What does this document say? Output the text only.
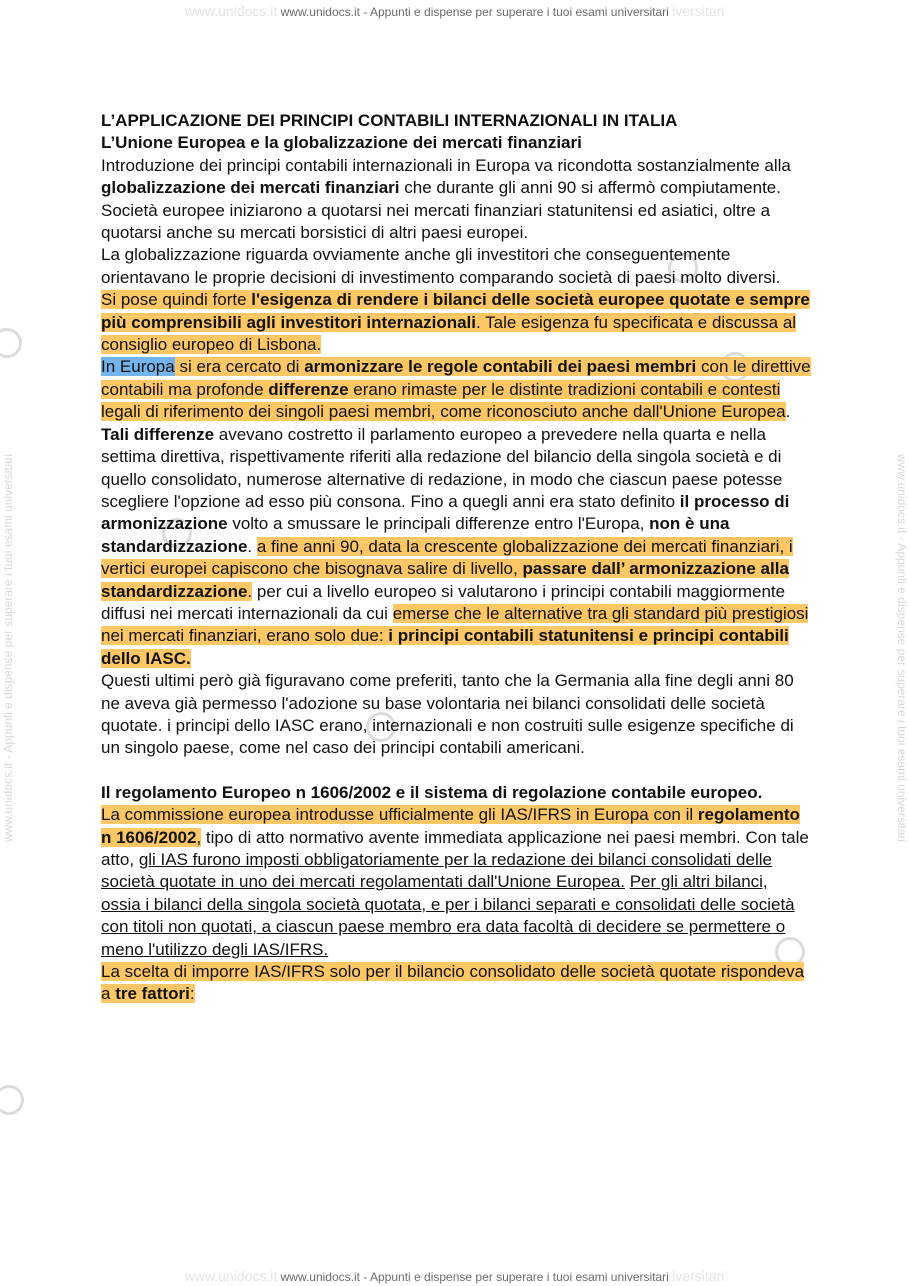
www.unidocs.it www.unidocs.it - Appunti e dispense per superare i tuoi esami universitari iversitari
www.unidocs.it - Appunti e dispense per superare i tuoi esami universitari	www.unidocs.it - Appunti e dispense per superare i tuoi esami universitari

L’APPLICAZIONE DEI PRINCIPI CONTABILI INTERNAZIONALI IN ITALIA

L’Unione Europea e la globalizzazione dei mercati finanziari

Introduzione dei principi contabili internazionali in Europa va ricondotta sostanzialmente alla globalizzazione dei mercati finanziari che durante gli anni 90 si affermò compiutamente.

Società europee iniziarono a quotarsi nei mercati finanziari statunitensi ed asiatici, oltre a quotarsi anche su mercati borsistici di altri paesi europei.

La globalizzazione riguarda ovviamente anche gli investitori che conseguentemente orientavano le proprie decisioni di investimento comparando società di paesi molto diversi.

Si pose quindi forte l'esigenza di rendere i bilanci delle società europee quotate e sempre più comprensibili agli investitori internazionali. Tale esigenza fu specificata e discussa al consiglio europeo di Lisbona.

In Europa si era cercato di armonizzare le regole contabili dei paesi membri con le direttive contabili ma profonde differenze erano rimaste per le distinte tradizioni contabili e contesti legali di riferimento dei singoli paesi membri, come riconosciuto anche dall'Unione Europea. Tali differenze avevano costretto il parlamento europeo a prevedere nella quarta e nella settima direttiva, rispettivamente riferiti alla redazione del bilancio della singola società e di quello consolidato, numerose alternative di redazione, in modo che ciascun paese potesse scegliere l'opzione ad esso più consona. Fino a quegli anni era stato definito il processo di armonizzazione volto a smussare le principali differenze entro l'Europa, non è una standardizzazione. a fine anni 90, data la crescente globalizzazione dei mercati finanziari, i vertici europei capiscono che bisognava salire di livello, passare dall’ armonizzazione alla standardizzazione. per cui a livello europeo si valutarono i principi contabili maggiormente diffusi nei mercati internazionali da cui emerse che le alternative tra gli standard più prestigiosi nei mercati finanziari, erano solo due: i principi contabili statunitensi e principi contabili dello IASC.

Questi ultimi però già figuravano come preferiti, tanto che la Germania alla fine degli anni 80 ne aveva già permesso l'adozione su base volontaria nei bilanci consolidati delle società quotate. i principi dello IASC erano, internazionali e non costruiti sulle esigenze specifiche di un singolo paese, come nel caso dei principi contabili americani.

Il regolamento Europeo n 1606/2002 e il sistema di regolazione contabile europeo.

La commissione europea introdusse ufficialmente gli IAS/IFRS in Europa con il regolamento n 1606/2002, tipo di atto normativo avente immediata applicazione nei paesi membri. Con tale atto, gli IAS furono imposti obbligatoriamente per la redazione dei bilanci consolidati delle società quotate in uno dei mercati regolamentati dall'Unione Europea. Per gli altri bilanci, ossia i bilanci della singola società quotata, e per i bilanci separati e consolidati delle società con titoli non quotati, a ciascun paese membro era data facoltà di decidere se permettere o meno l'utilizzo degli IAS/IFRS.

La scelta di imporre IAS/IFRS solo per il bilancio consolidato delle società quotate rispondeva a tre fattori:

www.unidocs.it www.unidocs.it - Appunti e dispense per superare i tuoi esami universitari iversitari
